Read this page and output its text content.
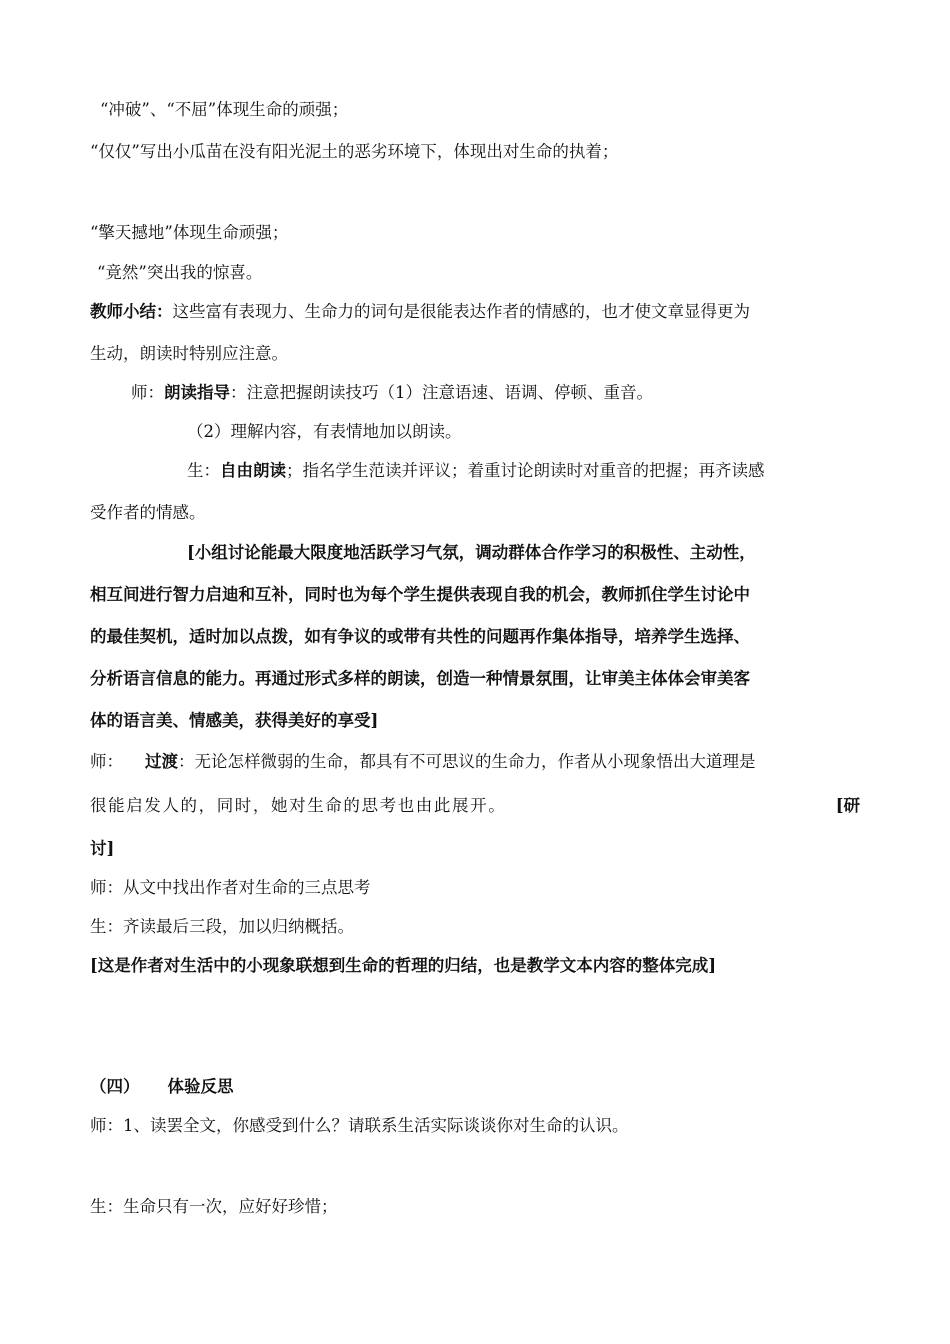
“冲破”、“不屈”体现生命的顽强；
“仅仅”写出小瓜苗在没有阳光泥土的恶劣环境下，体现出对生命的执着；
“擎天撼地”体现生命顽强；
“竟然”突出我的惊喜。
教师小结：这些富有表现力、生命力的词句是很能表达作者的情感的，也才使文章显得更为
生动，朗读时特别应注意。
师：朗读指导：注意把握朗读技巧（1）注意语速、语调、停顿、重音。
（2）理解内容，有表情地加以朗读。
生：自由朗读；指名学生范读并评议；着重讨论朗读时对重音的把握；再齐读感
受作者的情感。
[小组讨论能最大限度地活跃学习气氛，调动群体合作学习的积极性、主动性，
相互间进行智力启迪和互补，同时也为每个学生提供表现自我的机会，教师抓住学生讨论中
的最佳契机，适时加以点拨，如有争议的或带有共性的问题再作集体指导，培养学生选择、
分析语言信息的能力。再通过形式多样的朗读，创造一种情景氛围，让审美主体体会审美客
体的语言美、情感美，获得美好的享受]
师： 过渡：无论怎样微弱的生命，都具有不可思议的生命力，作者从小现象悟出大道理是
很能启发人的，同时，她对生命的思考也由此展开。	[研
讨]
师：从文中找出作者对生命的三点思考
生：齐读最后三段，加以归纳概括。
[这是作者对生活中的小现象联想到生命的哲理的归结，也是教学文本内容的整体完成]
（四） 体验反思
师：1、读罢全文，你感受到什么？请联系生活实际谈谈你对生命的认识。
生：生命只有一次，应好好珍惜；
